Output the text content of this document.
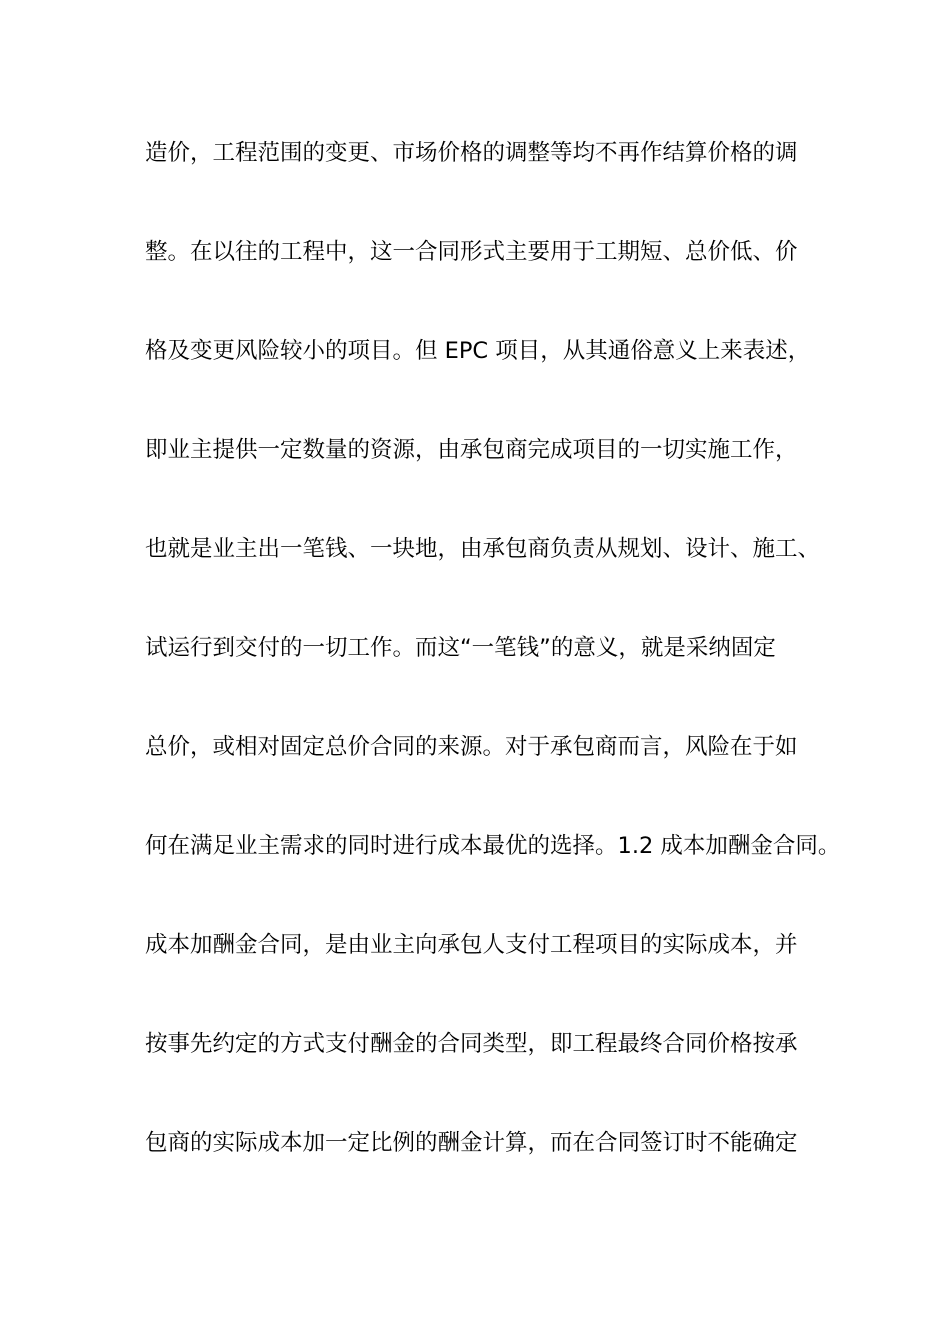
造价，工程范围的变更、市场价格的调整等均不再作结算价格的调
整。在以往的工程中，这一合同形式主要用于工期短、总价低、价
格及变更风险较小的项目。但 EPC 项目，从其通俗意义上来表述，
即业主提供一定数量的资源，由承包商完成项目的一切实施工作，
也就是业主出一笔钱、一块地，由承包商负责从规划、设计、施工、
试运行到交付的一切工作。而这“一笔钱”的意义，就是采纳固定
总价，或相对固定总价合同的来源。对于承包商而言，风险在于如
何在满足业主需求的同时进行成本最优的选择。1.2 成本加酬金合同。
成本加酬金合同，是由业主向承包人支付工程项目的实际成本，并
按事先约定的方式支付酬金的合同类型，即工程最终合同价格按承
包商的实际成本加一定比例的酬金计算，而在合同签订时不能确定
